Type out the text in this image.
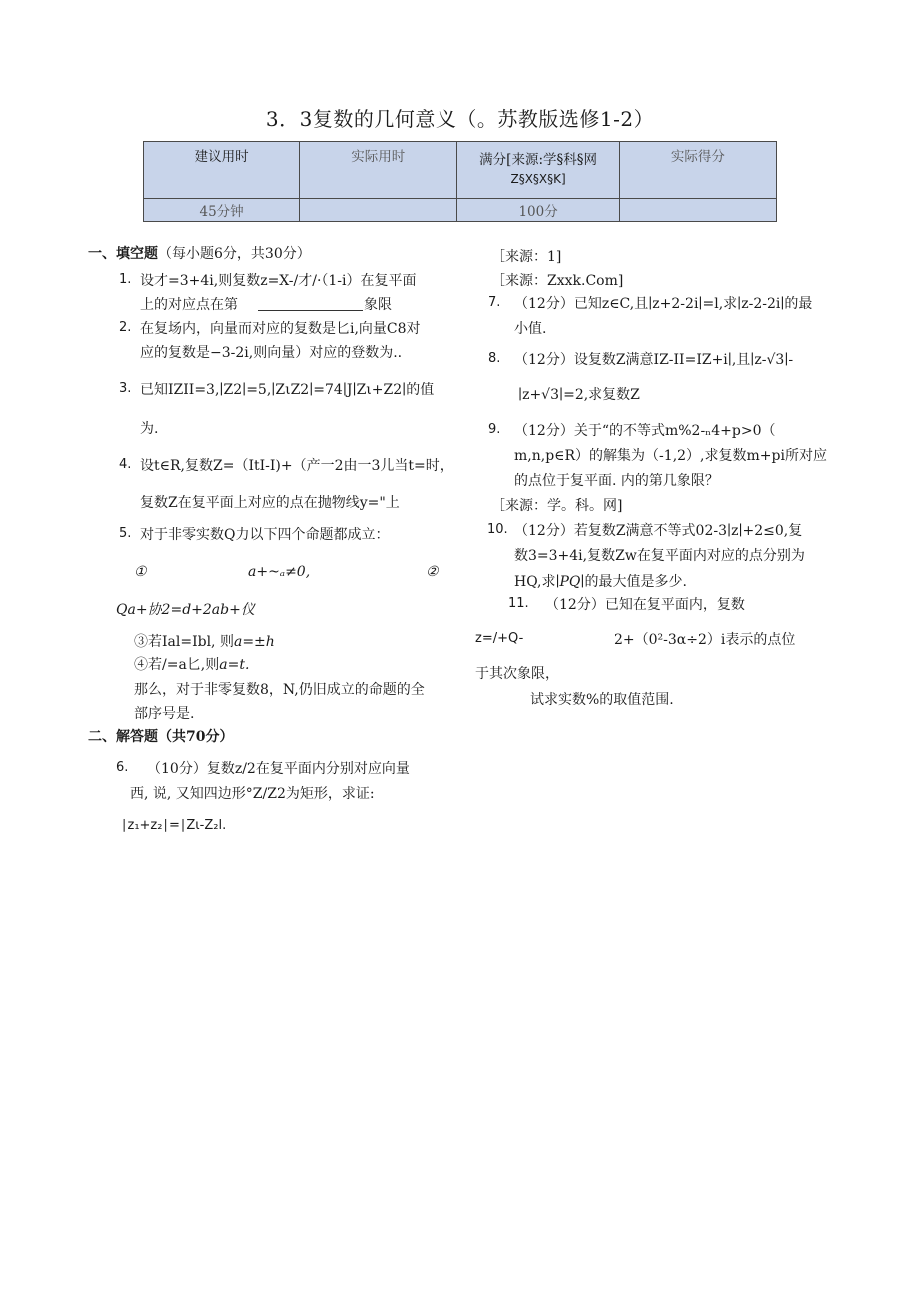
3．3复数的几何意义（。苏教版选修1-2）
建议用时	实际用时	满分[来源:学§科§网
Z§X§X§K]	实际得分
45分钟		100分	
一、填空题（每小题6分，共30分）
1. 设才=3+4i,则复数z=X-/才/·（1-i）在复平面
上的对应点在第	象限
2. 在复场内，向量而对应的复数是匕i,向量C8对
应的复数是−3-2i,则向量）对应的登数为..
3. 已知IZII=3,∣Z2∣=5,∣ZιZ2∣=74∣J∣Zι+Z2∣的值
为.
4. 设t∈R,复数Z=（ItI-I)+（产一2由一3儿当t=时，
复数Z在复平面上对应的点在抛物线y="上
5. 对于非零实数Q力以下四个命题都成立：
①	a+~ₐ≠0,	②
Qa+协2=d+2ab+仪
③若Ial=Ibl, 则a=±h
④若/=a匕,则a=t.
那么，对于非零复数8，N,仍旧成立的命题的全
部序号是.
二、解答题（共70分）
6. （10分）复数z/2在复平面内分别对应向量
西, 说, 又知四边形°Z/Z2为矩形，求证:
∣z₁+z₂∣=∣Zι-Z₂l.
［来源：1]
［来源：Zxxk.Com]
7. （12分）已知z∈C,且∣z+2-2i∣=l,求∣z-2-2i∣的最
小值.
8. （12分）设复数Z满意IZ-II=IZ+i∣,且∣z-√3∣-
∣z+√3∣=2,求复数Z
9. （12分）关于“的不等式m%2-ₙ4+p>0（
m,n,p∈R）的解集为（-1,2）,求复数m+pi所对应
的点位于复平面. 内的第几象限？
［来源：学。科。网]
10. （12分）若复数Z满意不等式02-3∣z∣+2≤0,复
数3=3+4i,复数Zw在复平面内对应的点分别为
HQ,求∣PQ∣的最大值是多少.
11. （12分）已知在复平面内，复数
z=/+Q-	2+（0²-3α÷2）i表示的点位
于其次象限，
试求实数%的取值范围.
